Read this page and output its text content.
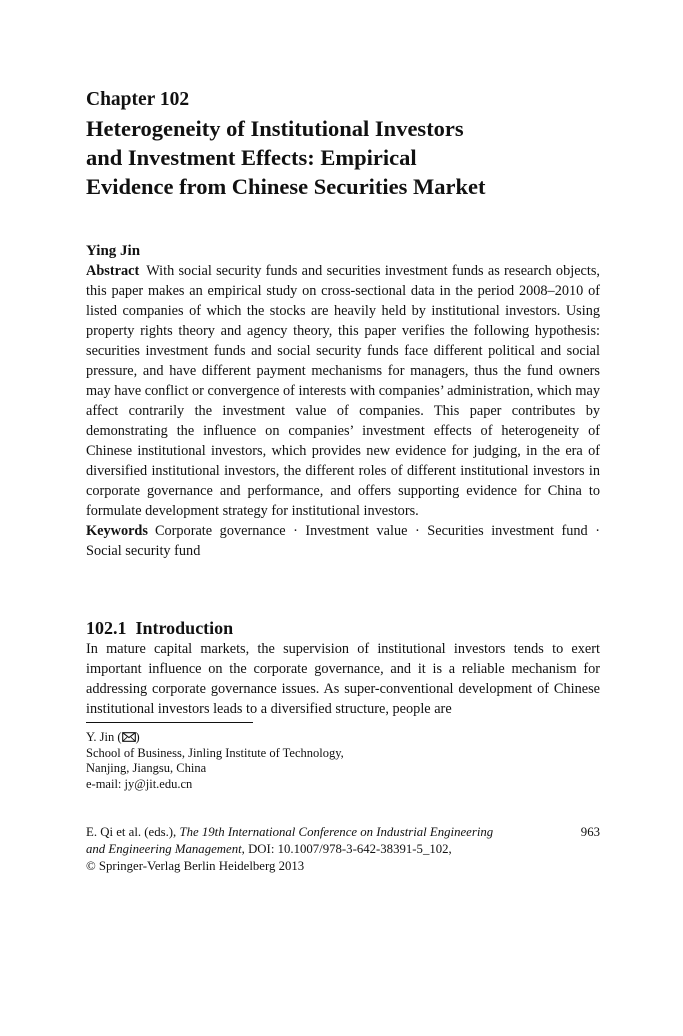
Chapter 102
Heterogeneity of Institutional Investors
and Investment Effects: Empirical
Evidence from Chinese Securities Market
Ying Jin

Abstract With social security funds and securities investment funds as research objects, this paper makes an empirical study on cross-sectional data in the period 2008–2010 of listed companies of which the stocks are heavily held by institutional investors. Using property rights theory and agency theory, this paper verifies the following hypothesis: securities investment funds and social security funds face different political and social pressure, and have different payment mechanisms for managers, thus the fund owners may have conflict or convergence of interests with companies’ administration, which may affect contrarily the investment value of companies. This paper contributes by demonstrating the influence on companies’ investment effects of heterogeneity of Chinese institutional investors, which provides new evidence for judging, in the era of diversified institutional investors, the different roles of different institutional investors in corporate governance and performance, and offers supporting evidence for China to formulate development strategy for institutional investors.

Keywords Corporate governance · Investment value · Securities investment fund · Social security fund

102.1 Introduction

In mature capital markets, the supervision of institutional investors tends to exert important influence on the corporate governance, and it is a reliable mechanism for addressing corporate governance issues. As super-conventional development of Chinese institutional investors leads to a diversified structure, people are

Y. Jin ( )
School of Business, Jinling Institute of Technology,
Nanjing, Jiangsu, China
e-mail: jy@jit.edu.cn
E. Qi et al. (eds.), The 19th International Conference on Industrial Engineering
and Engineering Management, DOI: 10.1007/978-3-642-38391-5_102,
© Springer-Verlag Berlin Heidelberg 2013
963
